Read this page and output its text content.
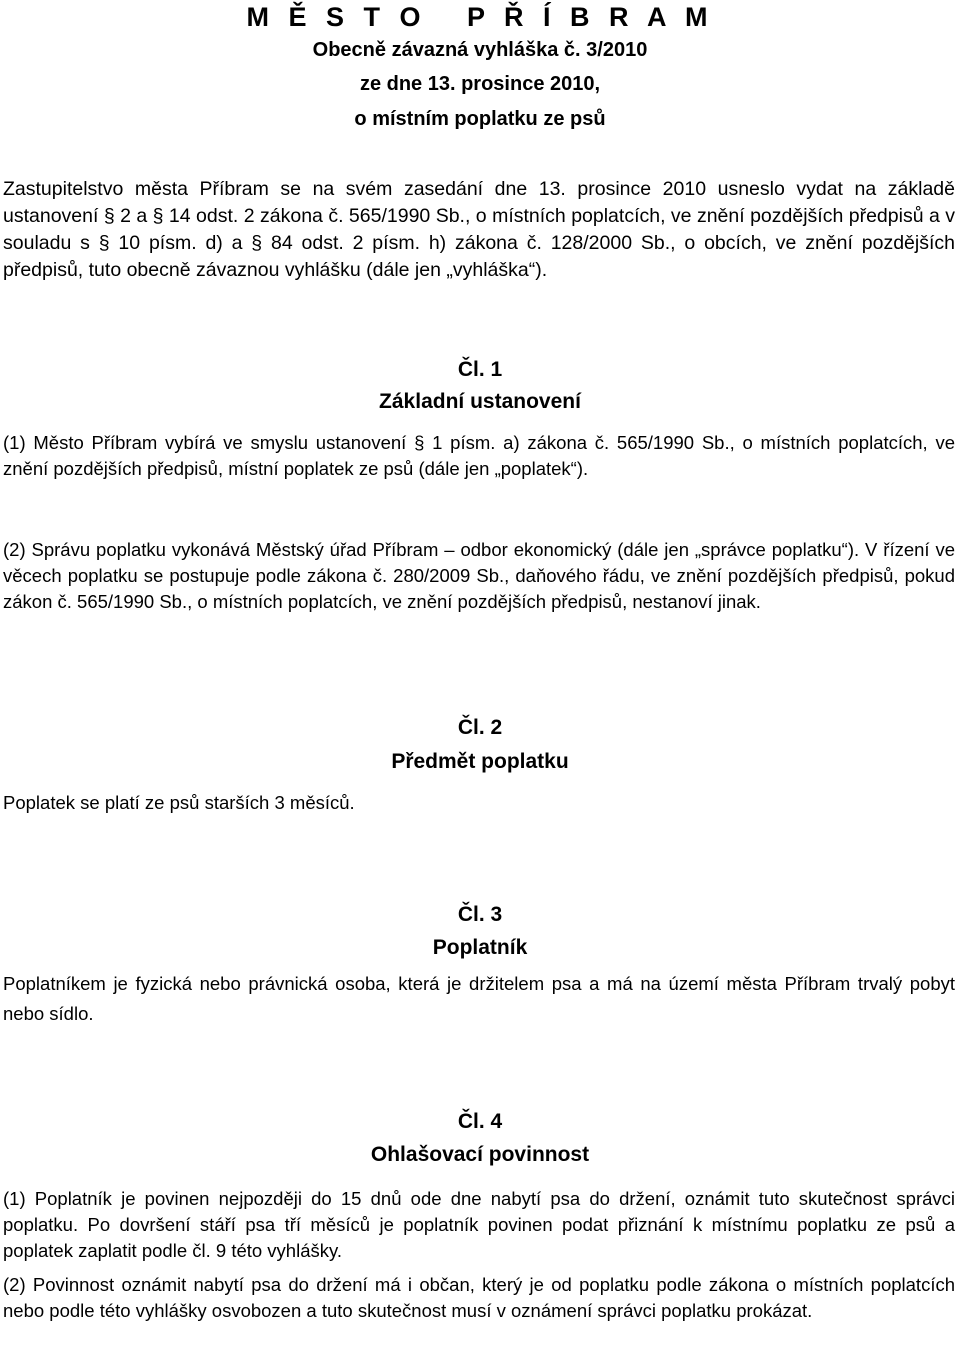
M Ě S T O   P Ř Í B R A M
Obecně závazná vyhláška č. 3/2010
ze dne 13. prosince 2010,
o místním poplatku ze psů
Zastupitelstvo města Příbram se na svém zasedání dne 13. prosince 2010 usneslo vydat na základě ustanovení § 2 a § 14 odst. 2 zákona č. 565/1990 Sb., o místních poplatcích, ve znění pozdějších předpisů a v souladu s § 10 písm. d) a § 84 odst. 2 písm. h) zákona č. 128/2000 Sb., o obcích, ve znění pozdějších předpisů, tuto obecně závaznou vyhlášku (dále jen „vyhláška“).
Čl. 1
Základní ustanovení
(1) Město Příbram vybírá ve smyslu ustanovení § 1 písm. a) zákona č. 565/1990 Sb., o místních poplatcích, ve znění pozdějších předpisů, místní poplatek ze psů (dále jen „poplatek“).
(2) Správu poplatku vykonává Městský úřad Příbram – odbor ekonomický (dále jen „správce poplatku“). V řízení ve věcech poplatku se postupuje podle zákona č. 280/2009 Sb., daňového řádu, ve znění pozdějších předpisů, pokud zákon č. 565/1990 Sb., o místních poplatcích, ve znění pozdějších předpisů, nestanoví jinak.
Čl. 2
Předmět poplatku
Poplatek se platí ze psů starších 3 měsíců.
Čl. 3
Poplatník
Poplatníkem je fyzická nebo právnická osoba, která je držitelem psa a má na území města Příbram trvalý pobyt nebo sídlo.
Čl. 4
Ohlašovací povinnost
(1) Poplatník je povinen nejpozději do 15 dnů ode dne nabytí psa do držení, oznámit tuto skutečnost správci poplatku. Po dovršení stáří psa tří měsíců je poplatník povinen podat přiznání k místnímu poplatku ze psů a poplatek zaplatit podle čl. 9 této vyhlášky.
(2) Povinnost oznámit nabytí psa do držení má i občan, který je od poplatku podle zákona o místních poplatcích nebo podle této vyhlášky osvobozen a tuto skutečnost musí v oznámení správci poplatku prokázat.
